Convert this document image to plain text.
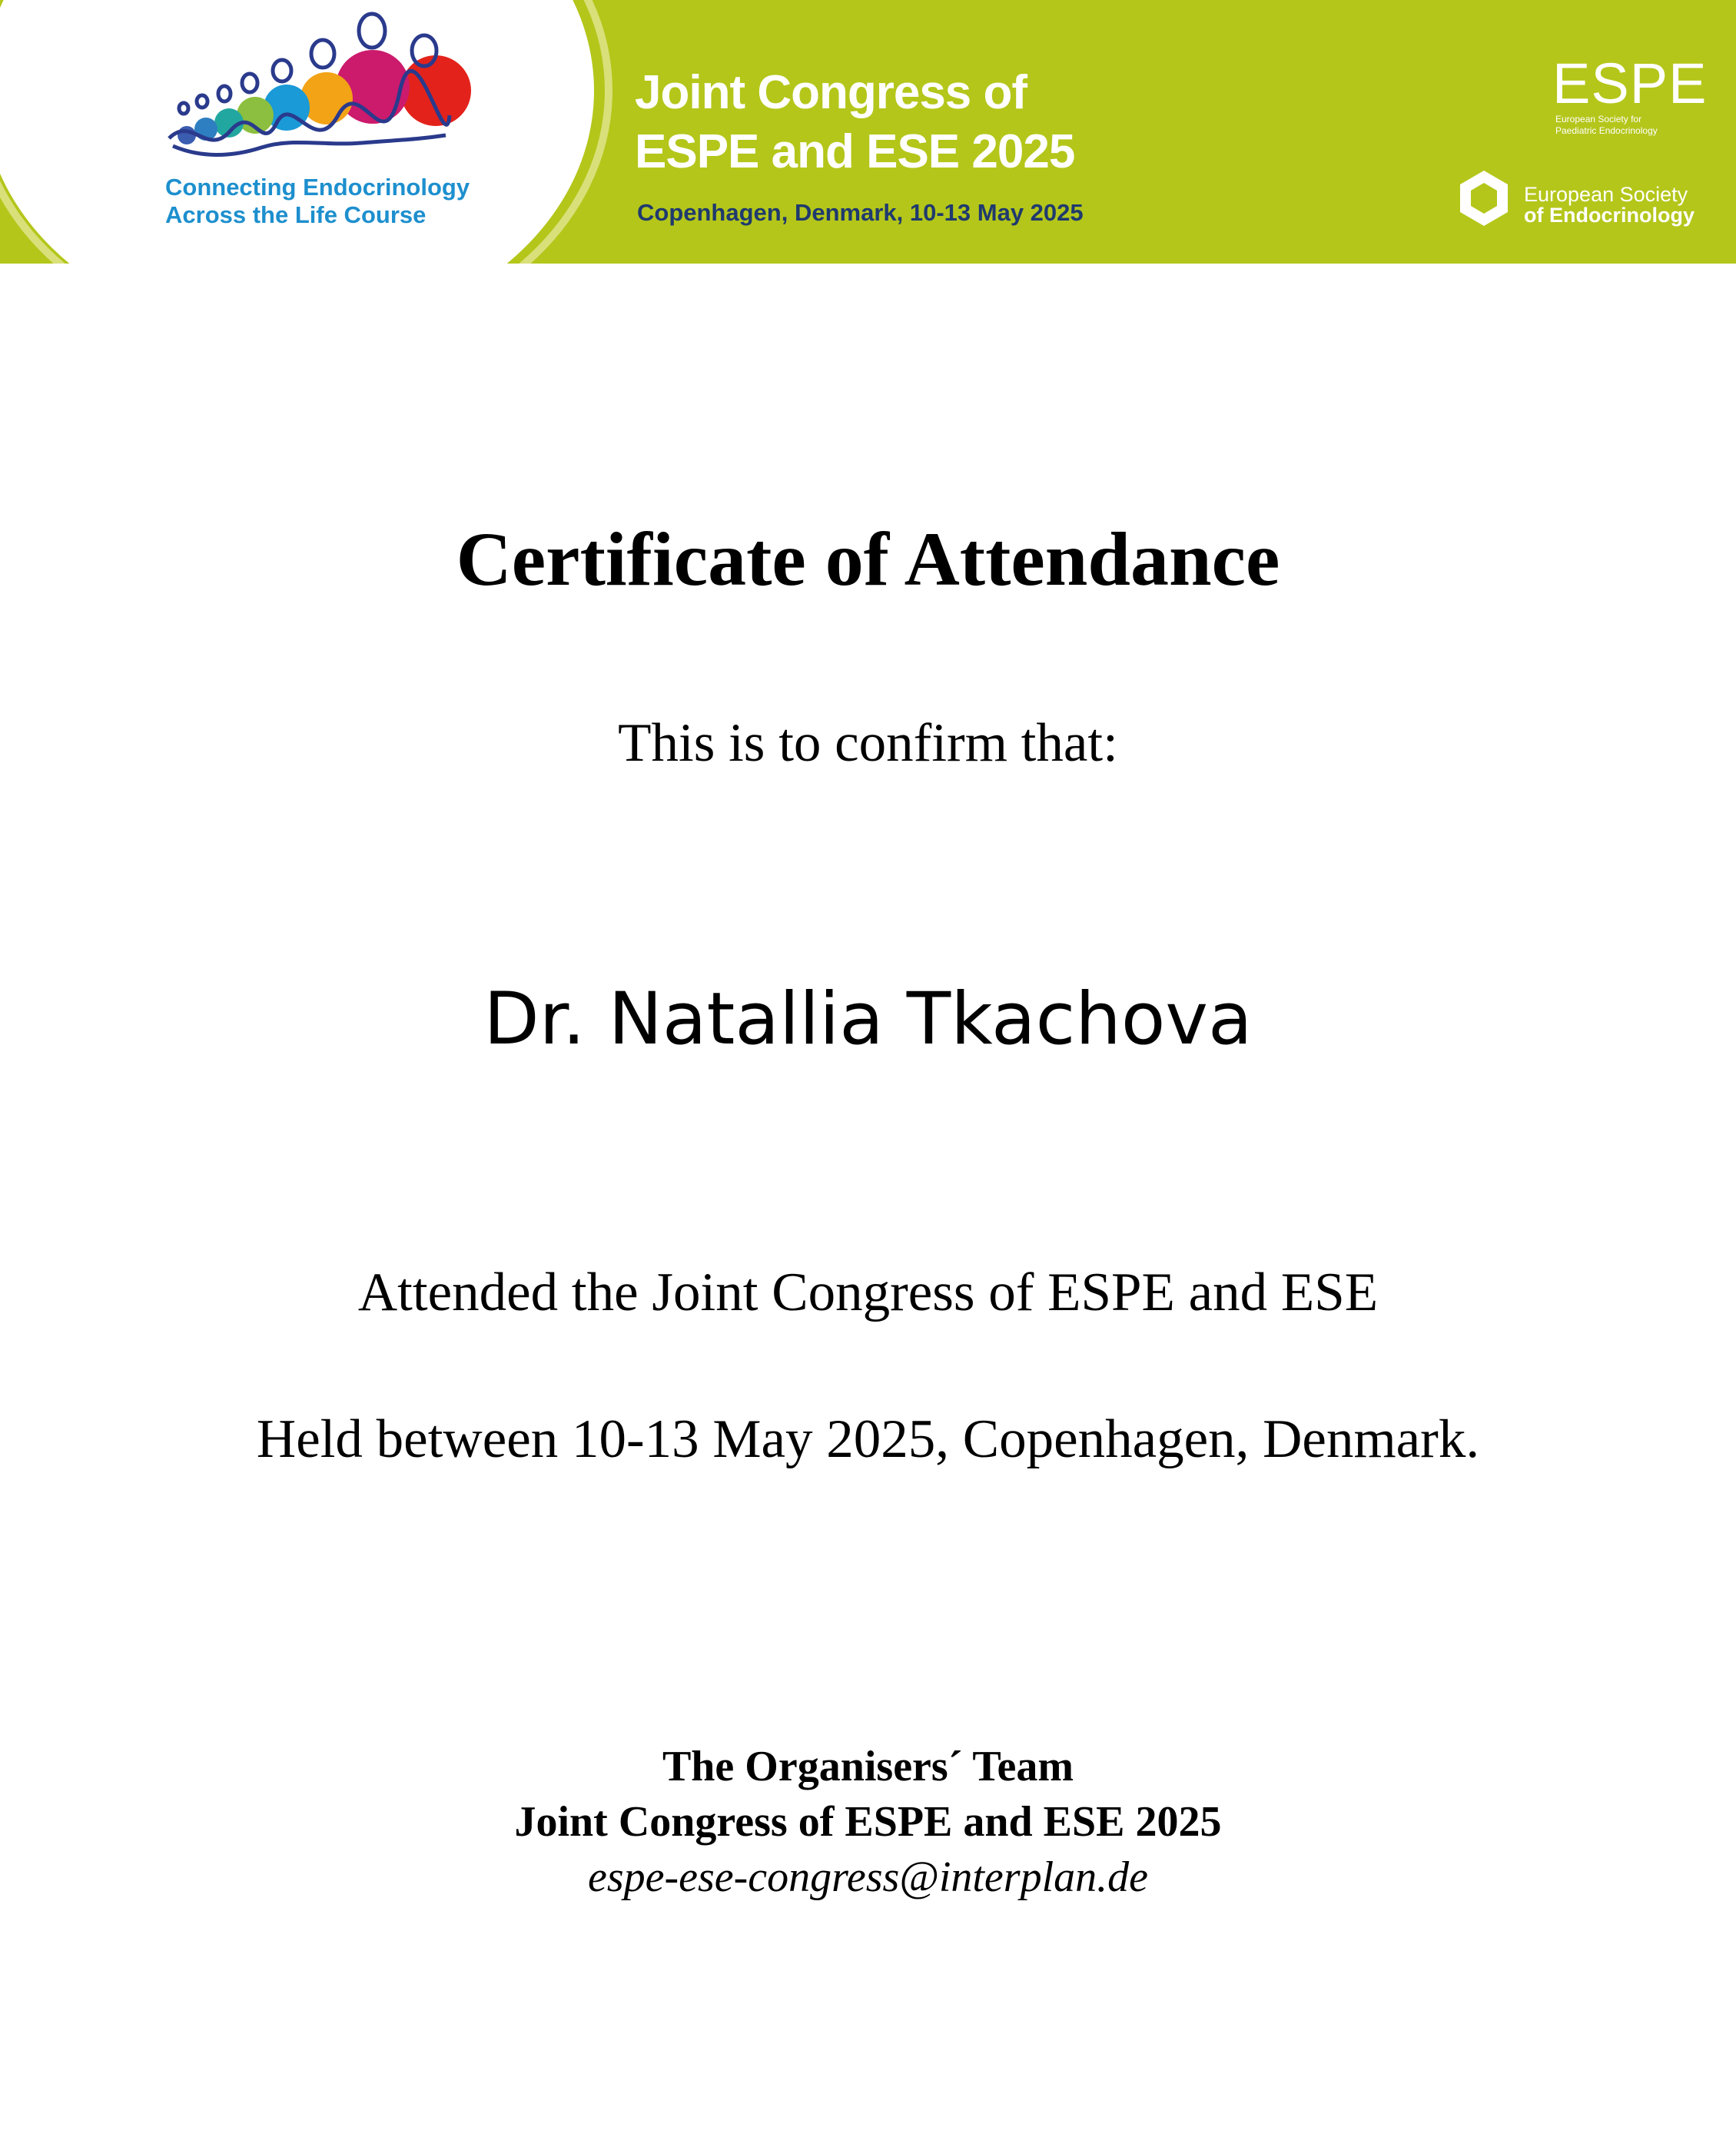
Connecting Endocrinology
Across the Life Course
Joint Congress of
ESPE and ESE 2025
Copenhagen, Denmark, 10-13 May 2025
ESPE
European Society for
Paediatric Endocrinology
European Society
of Endocrinology
Certificate of Attendance
This is to confirm that:
Dr. Natallia Tkachova
Attended the Joint Congress of ESPE and ESE
Held between 10-13 May 2025, Copenhagen, Denmark.
The Organisers´ Team
Joint Congress of ESPE and ESE 2025
espe-ese-congress@interplan.de
